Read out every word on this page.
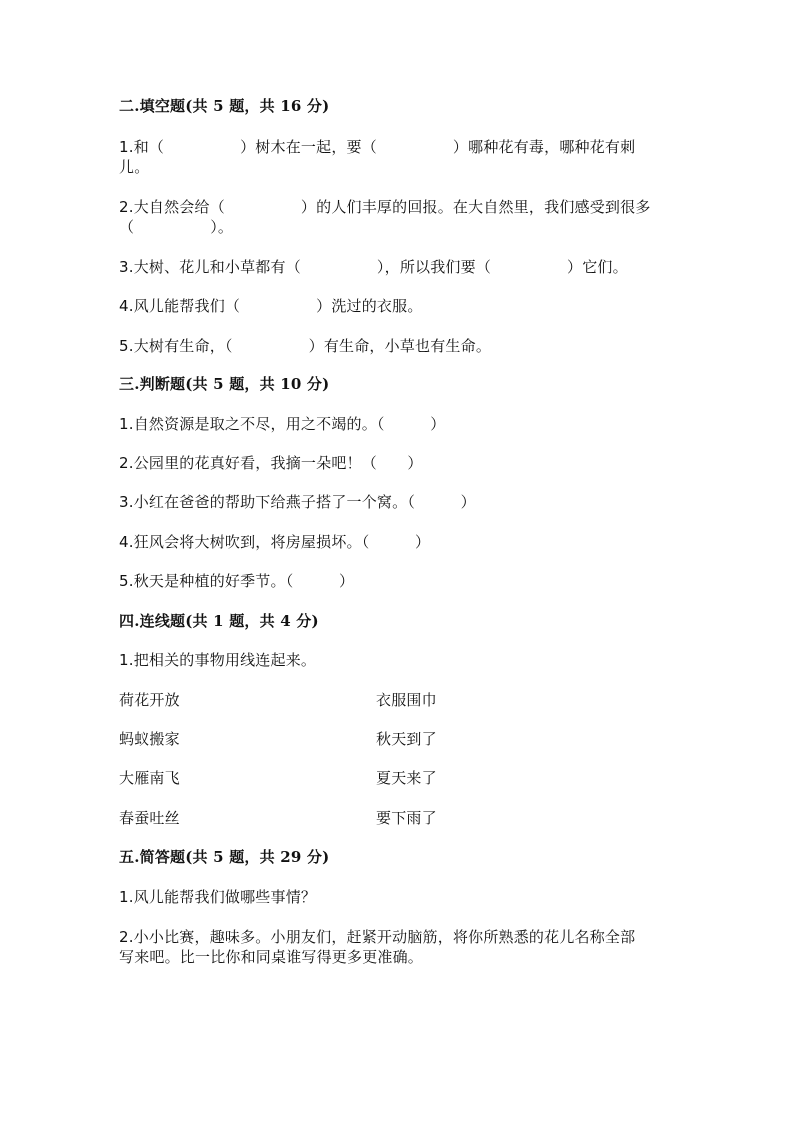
二.填空题(共 5 题，共 16 分)
1.和（　　　　　）树木在一起，要（　　　　　）哪种花有毒，哪种花有刺
儿。
2.大自然会给（　　　　　）的人们丰厚的回报。在大自然里，我们感受到很多
（　　　　　）。
3.大树、花儿和小草都有（　　　　　），所以我们要（　　　　　）它们。
4.风儿能帮我们（　　　　　）洗过的衣服。
5.大树有生命，（　　　　　）有生命，小草也有生命。
三.判断题(共 5 题，共 10 分)
1.自然资源是取之不尽，用之不竭的。（　　　）
2.公园里的花真好看，我摘一朵吧！（　　）
3.小红在爸爸的帮助下给燕子搭了一个窝。（　　　）
4.狂风会将大树吹到，将房屋损坏。（　　　）
5.秋天是种植的好季节。（　　　）
四.连线题(共 1 题，共 4 分)
1.把相关的事物用线连起来。
荷花开放	衣服围巾
蚂蚁搬家	秋天到了
大雁南飞	夏天来了
春蚕吐丝	要下雨了
五.简答题(共 5 题，共 29 分)
1.风儿能帮我们做哪些事情？
2.小小比赛，趣味多。小朋友们，赶紧开动脑筋，将你所熟悉的花儿名称全部
写来吧。比一比你和同桌谁写得更多更准确。
